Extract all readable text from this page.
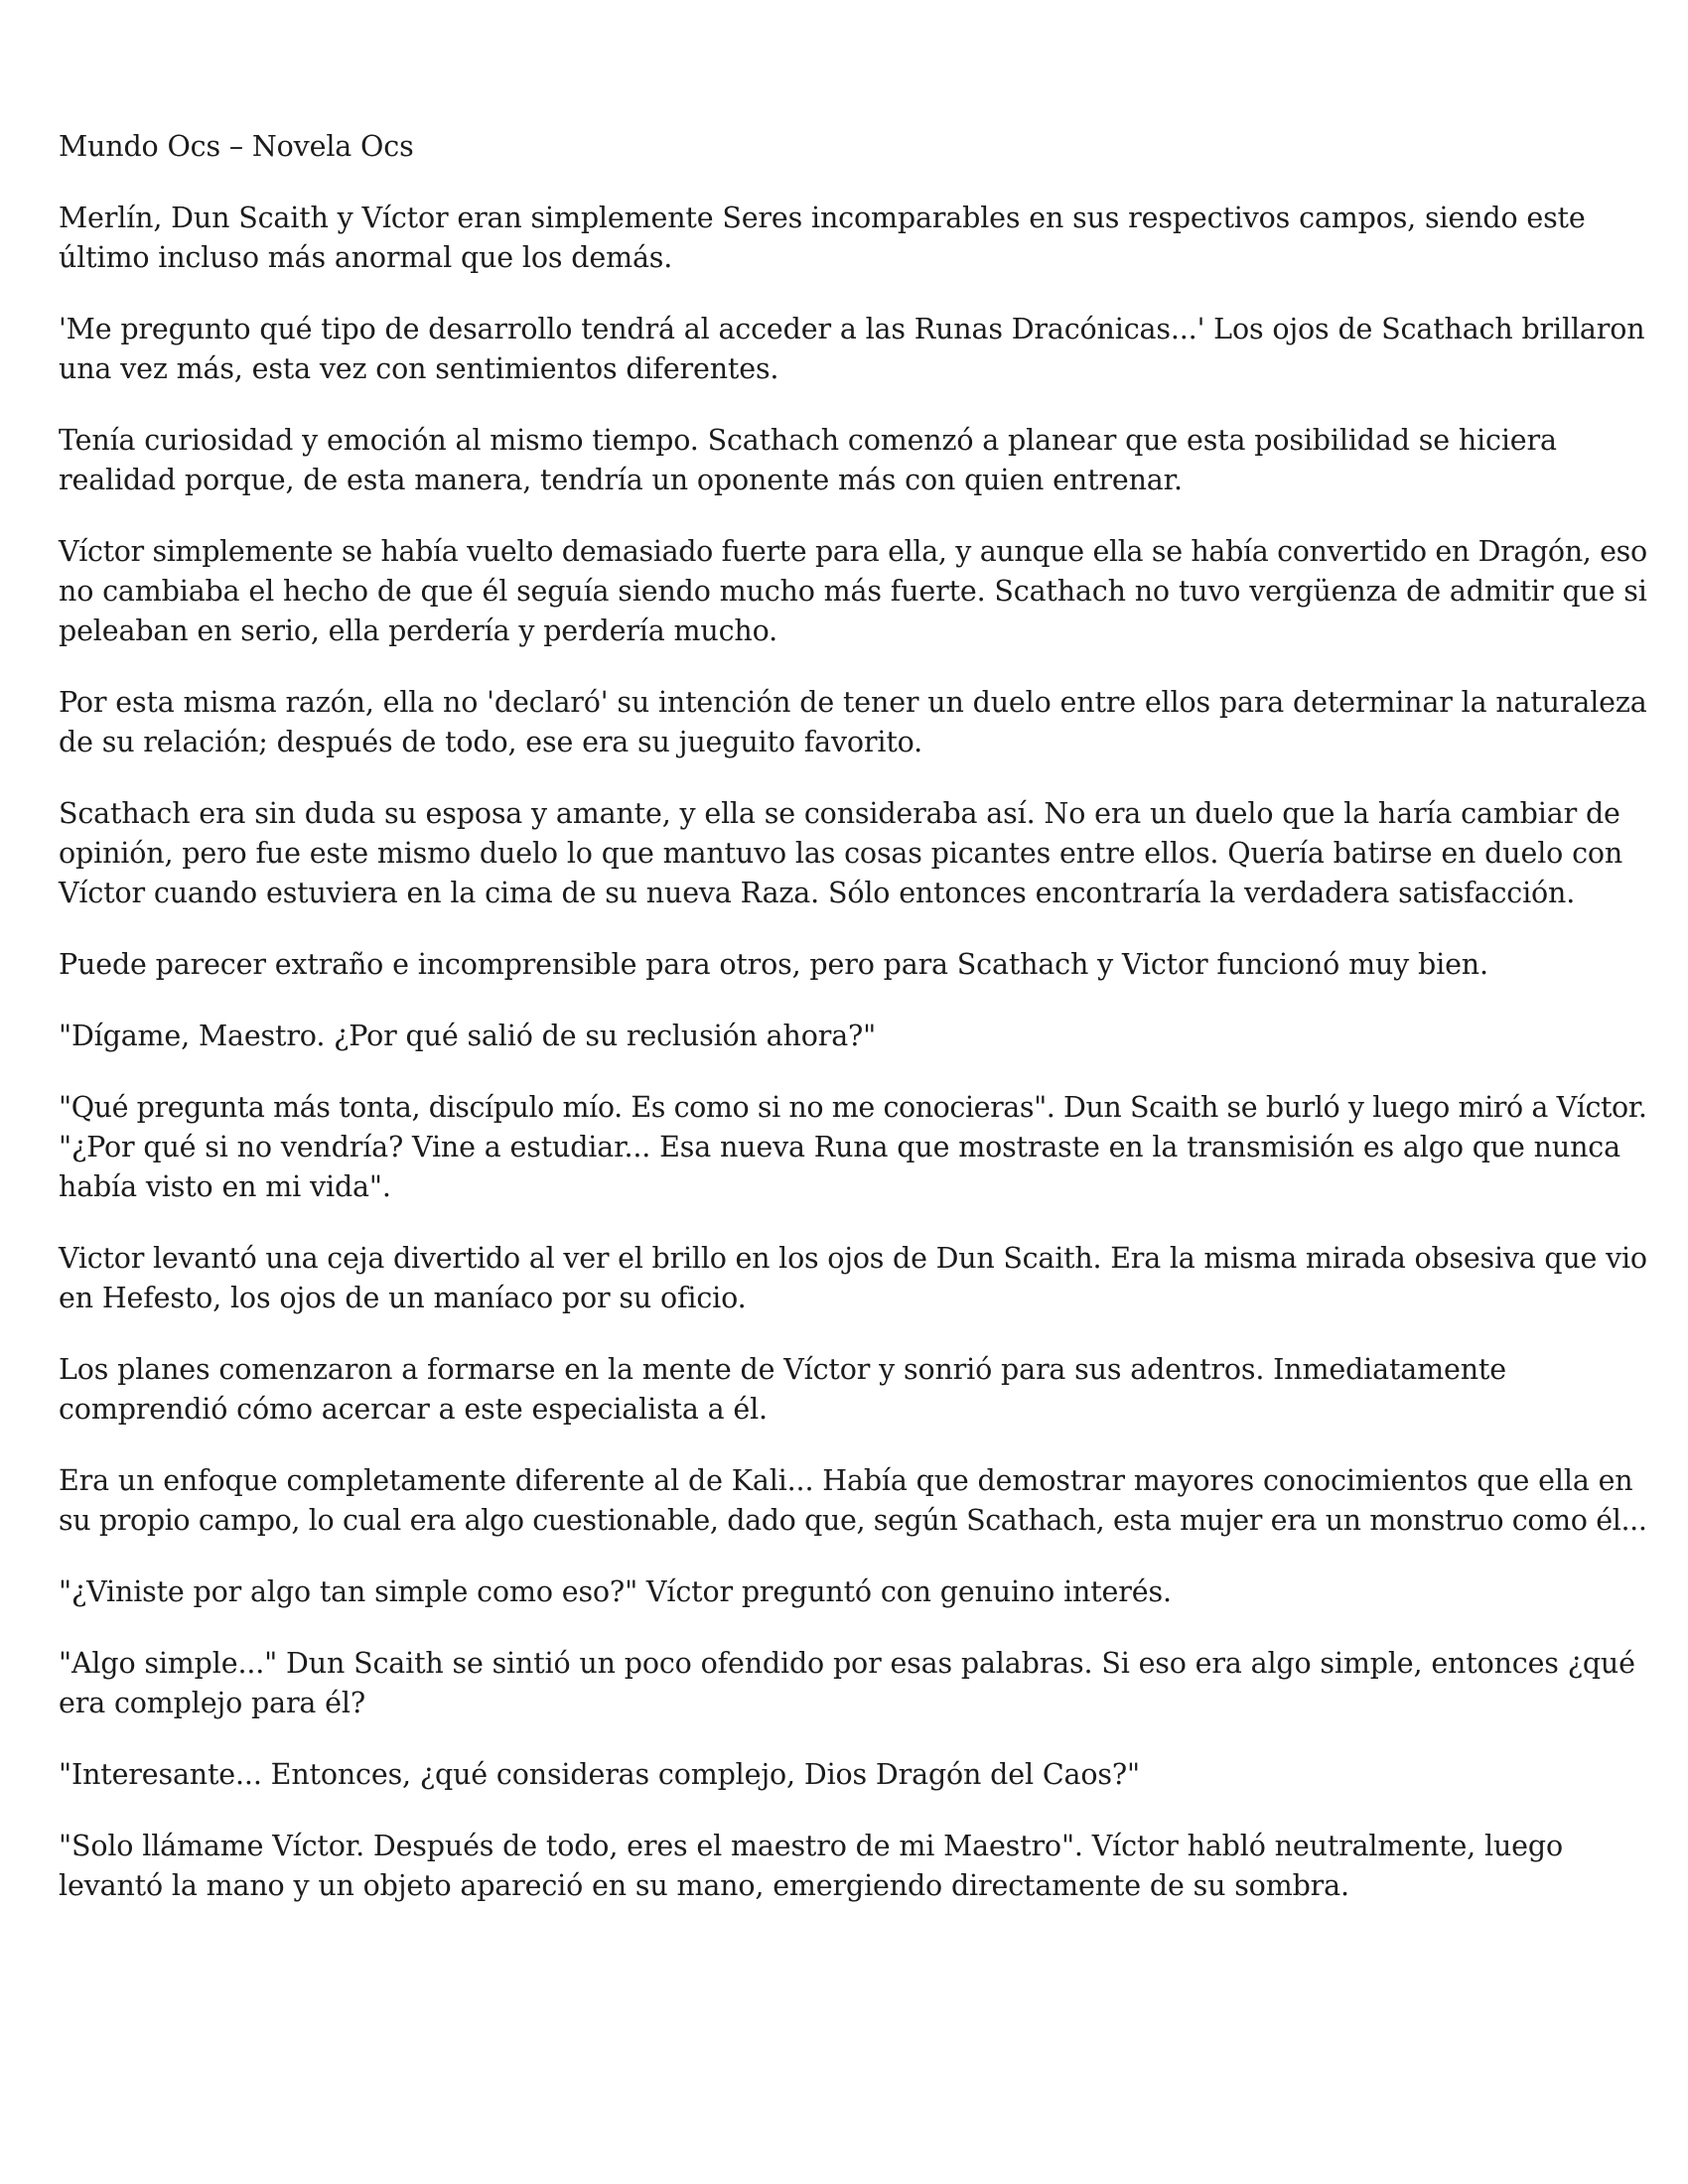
Mundo Ocs – Novela Ocs
Merlín, Dun Scaith y Víctor eran simplemente Seres incomparables en sus respectivos campos, siendo este
último incluso más anormal que los demás.
'Me pregunto qué tipo de desarrollo tendrá al acceder a las Runas Dracónicas...' Los ojos de Scathach brillaron
una vez más, esta vez con sentimientos diferentes.
Tenía curiosidad y emoción al mismo tiempo. Scathach comenzó a planear que esta posibilidad se hiciera
realidad porque, de esta manera, tendría un oponente más con quien entrenar.
Víctor simplemente se había vuelto demasiado fuerte para ella, y aunque ella se había convertido en Dragón, eso
no cambiaba el hecho de que él seguía siendo mucho más fuerte. Scathach no tuvo vergüenza de admitir que si
peleaban en serio, ella perdería y perdería mucho.
Por esta misma razón, ella no 'declaró' su intención de tener un duelo entre ellos para determinar la naturaleza
de su relación; después de todo, ese era su jueguito favorito.
Scathach era sin duda su esposa y amante, y ella se consideraba así. No era un duelo que la haría cambiar de
opinión, pero fue este mismo duelo lo que mantuvo las cosas picantes entre ellos. Quería batirse en duelo con
Víctor cuando estuviera en la cima de su nueva Raza. Sólo entonces encontraría la verdadera satisfacción.
Puede parecer extraño e incomprensible para otros, pero para Scathach y Victor funcionó muy bien.
"Dígame, Maestro. ¿Por qué salió de su reclusión ahora?"
"Qué pregunta más tonta, discípulo mío. Es como si no me conocieras". Dun Scaith se burló y luego miró a Víctor.
"¿Por qué si no vendría? Vine a estudiar... Esa nueva Runa que mostraste en la transmisión es algo que nunca
había visto en mi vida".
Victor levantó una ceja divertido al ver el brillo en los ojos de Dun Scaith. Era la misma mirada obsesiva que vio
en Hefesto, los ojos de un maníaco por su oficio.
Los planes comenzaron a formarse en la mente de Víctor y sonrió para sus adentros. Inmediatamente
comprendió cómo acercar a este especialista a él.
Era un enfoque completamente diferente al de Kali... Había que demostrar mayores conocimientos que ella en
su propio campo, lo cual era algo cuestionable, dado que, según Scathach, esta mujer era un monstruo como él...
"¿Viniste por algo tan simple como eso?" Víctor preguntó con genuino interés.
"Algo simple..." Dun Scaith se sintió un poco ofendido por esas palabras. Si eso era algo simple, entonces ¿qué
era complejo para él?
"Interesante... Entonces, ¿qué consideras complejo, Dios Dragón del Caos?"
"Solo llámame Víctor. Después de todo, eres el maestro de mi Maestro". Víctor habló neutralmente, luego
levantó la mano y un objeto apareció en su mano, emergiendo directamente de su sombra.
